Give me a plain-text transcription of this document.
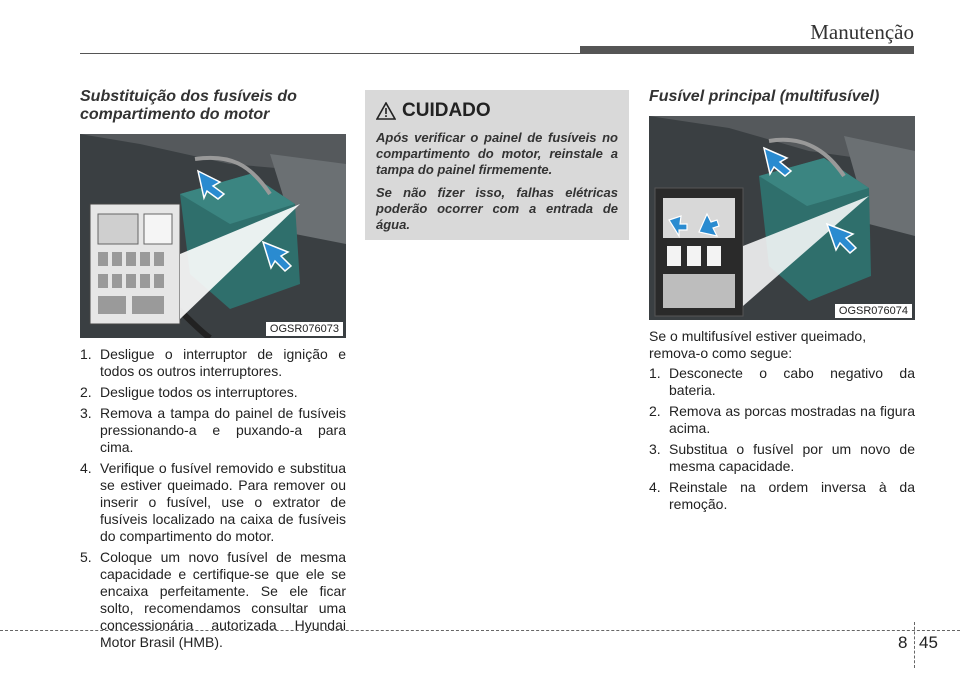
Manutenção
Substituição dos fusíveis do compartimento do motor
OGSR076073
1. Desligue o interruptor de ignição e todos os outros interruptores.
2. Desligue todos os interruptores.
3. Remova a tampa do painel de fusíveis pressionando-a e puxando-a para cima.
4. Verifique o fusível removido e substitua se estiver queimado. Para remover ou inserir o fusível, use o extrator de fusíveis localizado na caixa de fusíveis do compartimento do motor.
5. Coloque um novo fusível de mesma capacidade e certifique-se que ele se encaixa perfeitamente. Se ele ficar solto, recomendamos consultar uma concessionária autorizada Hyundai Motor Brasil (HMB).
CUIDADO

Após verificar o painel de fusíveis no compartimento do motor, reinstale a tampa do painel firmemente.

Se não fizer isso, falhas elétricas poderão ocorrer com a entrada de água.

Fusível principal (multifusível)
OGSR076074

Se o multifusível estiver queimado, remova-o como segue:

1. Desconecte o cabo negativo da bateria.
2. Remova as porcas mostradas na figura acima.
3. Substitua o fusível por um novo de mesma capacidade.
4. Reinstale na ordem inversa à da remoção.
8 45
